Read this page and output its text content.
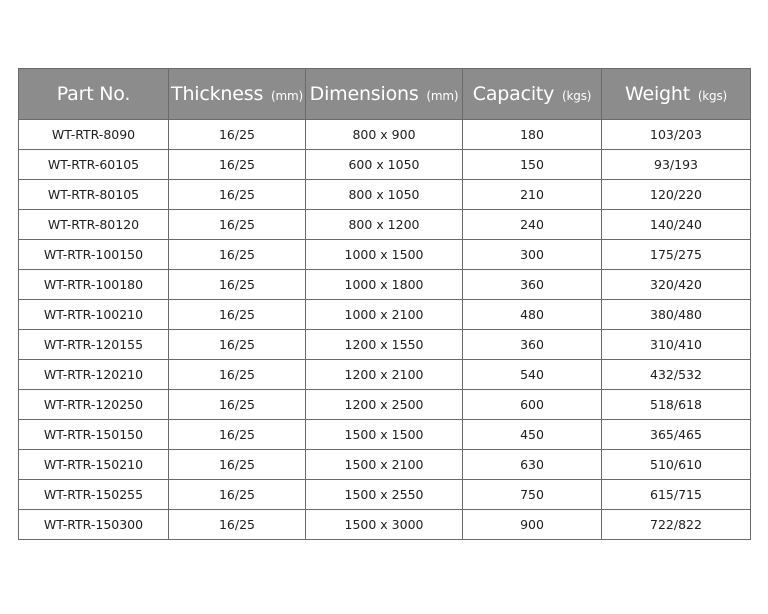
Part No.	Thickness (mm)	Dimensions (mm)	Capacity (kgs)	Weight (kgs)
WT-RTR-8090	16/25	800 x 900	180	103/203
WT-RTR-60105	16/25	600 x 1050	150	93/193
WT-RTR-80105	16/25	800 x 1050	210	120/220
WT-RTR-80120	16/25	800 x 1200	240	140/240
WT-RTR-100150	16/25	1000 x 1500	300	175/275
WT-RTR-100180	16/25	1000 x 1800	360	320/420
WT-RTR-100210	16/25	1000 x 2100	480	380/480
WT-RTR-120155	16/25	1200 x 1550	360	310/410
WT-RTR-120210	16/25	1200 x 2100	540	432/532
WT-RTR-120250	16/25	1200 x 2500	600	518/618
WT-RTR-150150	16/25	1500 x 1500	450	365/465
WT-RTR-150210	16/25	1500 x 2100	630	510/610
WT-RTR-150255	16/25	1500 x 2550	750	615/715
WT-RTR-150300	16/25	1500 x 3000	900	722/822
